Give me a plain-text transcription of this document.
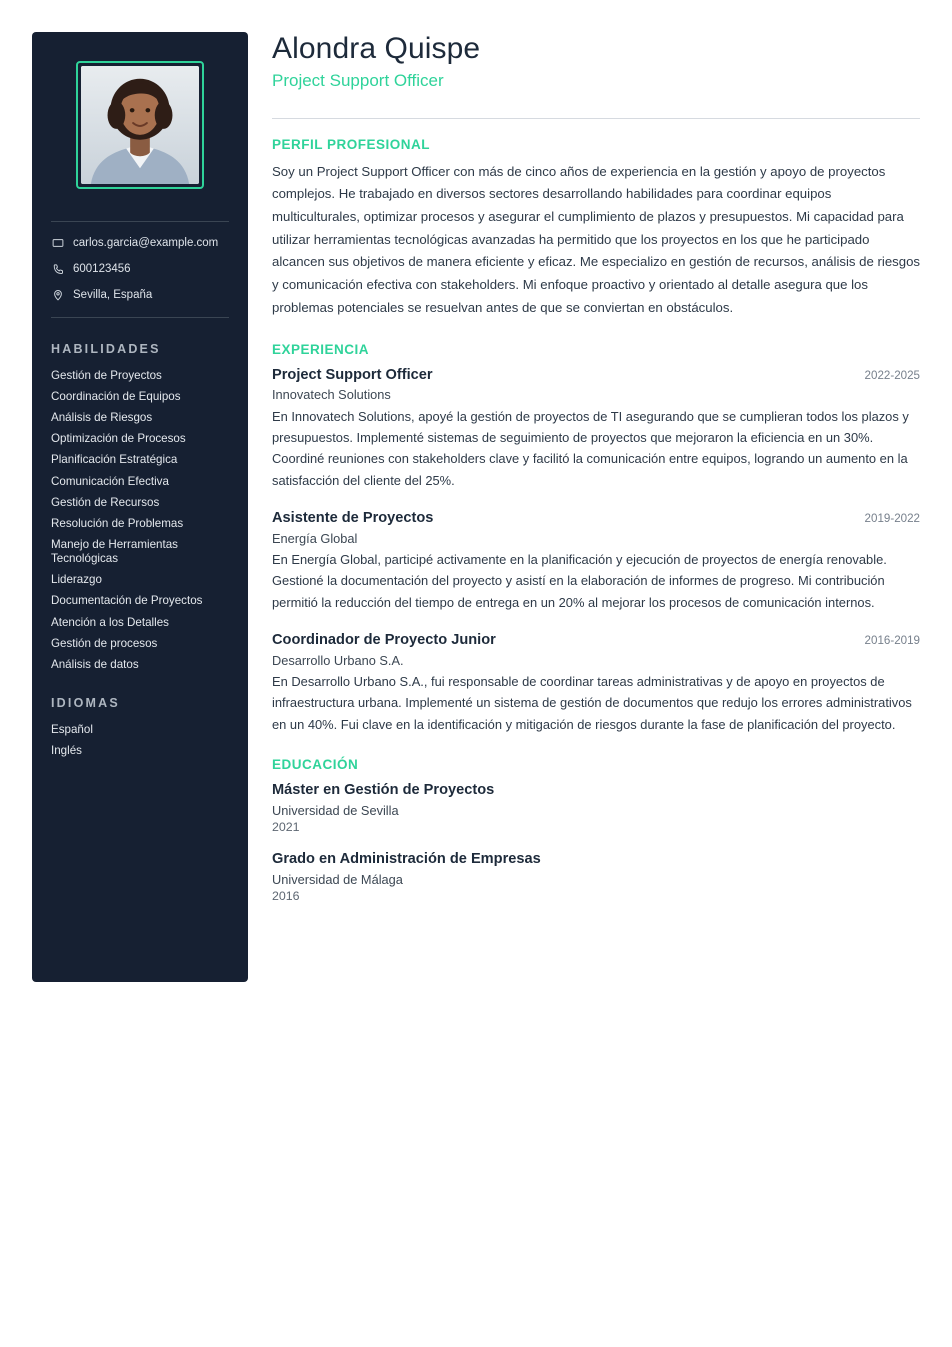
carlos.garcia@example.com
600123456
Sevilla, España
HABILIDADES
Gestión de Proyectos
Coordinación de Equipos
Análisis de Riesgos
Optimización de Procesos
Planificación Estratégica
Comunicación Efectiva
Gestión de Recursos
Resolución de Problemas
Manejo de Herramientas Tecnológicas
Liderazgo
Documentación de Proyectos
Atención a los Detalles
Gestión de procesos
Análisis de datos
IDIOMAS
Español
Inglés
Alondra Quispe
Project Support Officer
PERFIL PROFESIONAL

Soy un Project Support Officer con más de cinco años de experiencia en la gestión y apoyo de proyectos complejos. He trabajado en diversos sectores desarrollando habilidades para coordinar equipos multiculturales, optimizar procesos y asegurar el cumplimiento de plazos y presupuestos. Mi capacidad para utilizar herramientas tecnológicas avanzadas ha permitido que los proyectos en los que he participado alcancen sus objetivos de manera eficiente y eficaz. Me especializo en gestión de recursos, análisis de riesgos y comunicación efectiva con stakeholders. Mi enfoque proactivo y orientado al detalle asegura que los problemas potenciales se resuelvan antes de que se conviertan en obstáculos.

EXPERIENCIA
Project Support Officer	2022-2025
Innovatech Solutions
En Innovatech Solutions, apoyé la gestión de proyectos de TI asegurando que se cumplieran todos los plazos y presupuestos. Implementé sistemas de seguimiento de proyectos que mejoraron la eficiencia en un 30%. Coordiné reuniones con stakeholders clave y facilitó la comunicación entre equipos, logrando un aumento en la satisfacción del cliente del 25%.
Asistente de Proyectos	2019-2022
Energía Global
En Energía Global, participé activamente en la planificación y ejecución de proyectos de energía renovable. Gestioné la documentación del proyecto y asistí en la elaboración de informes de progreso. Mi contribución permitió la reducción del tiempo de entrega en un 20% al mejorar los procesos de comunicación internos.
Coordinador de Proyecto Junior	2016-2019
Desarrollo Urbano S.A.
En Desarrollo Urbano S.A., fui responsable de coordinar tareas administrativas y de apoyo en proyectos de infraestructura urbana. Implementé un sistema de gestión de documentos que redujo los errores administrativos en un 40%. Fui clave en la identificación y mitigación de riesgos durante la fase de planificación del proyecto.
EDUCACIÓN
Máster en Gestión de Proyectos
Universidad de Sevilla
2021
Grado en Administración de Empresas
Universidad de Málaga
2016
